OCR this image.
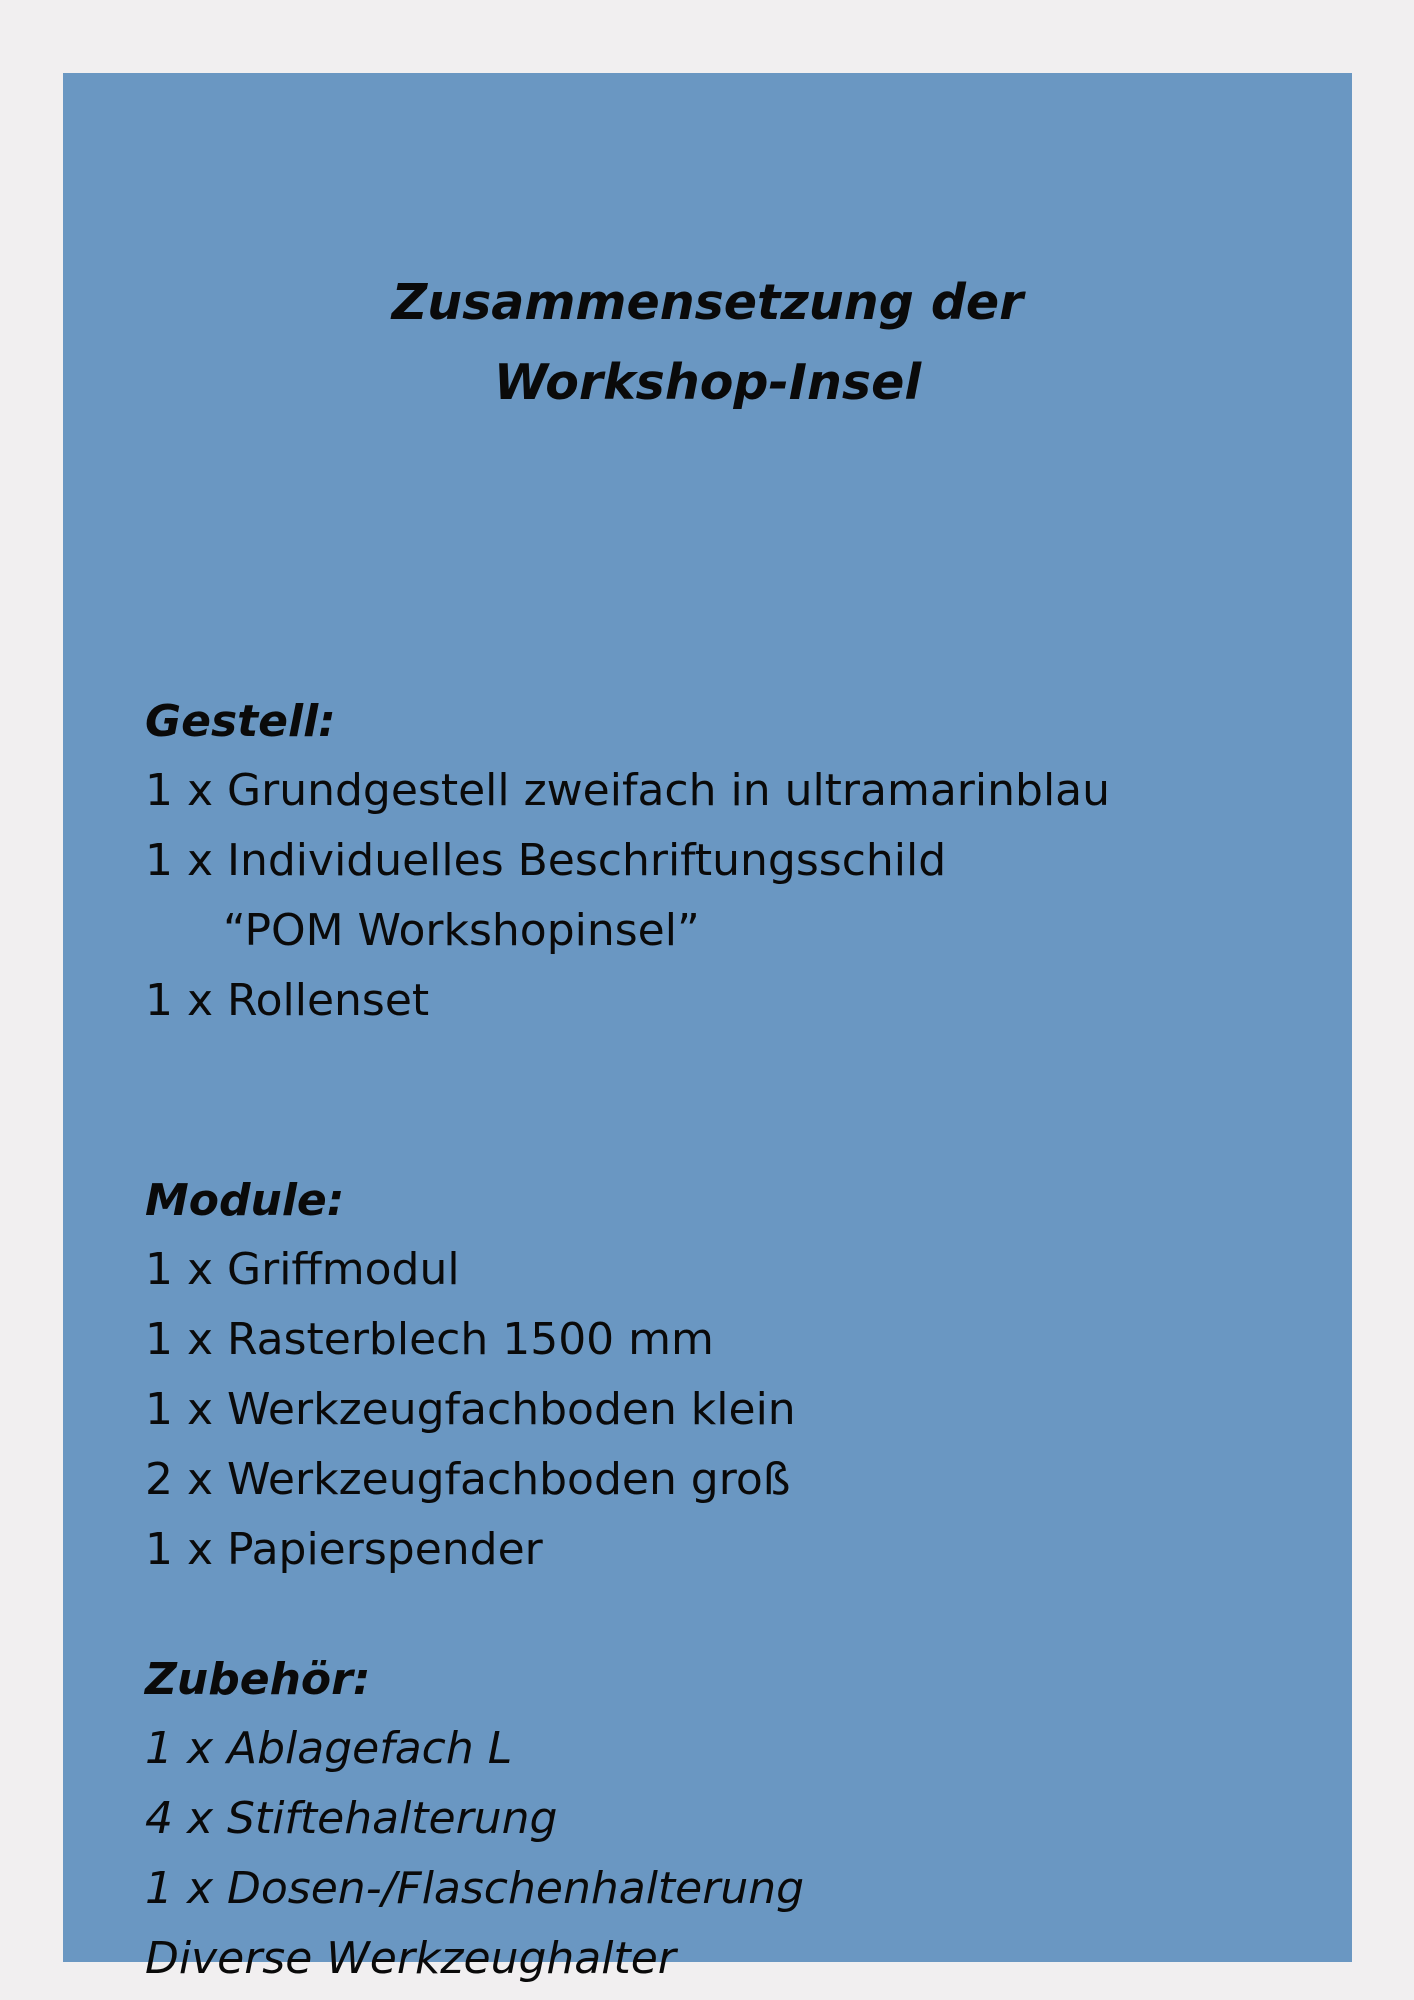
Zusammensetzung der
Workshop-Insel
Gestell:
1 x Grundgestell zweifach in ultramarinblau
1 x Individuelles Beschriftungsschild
“POM Workshopinsel”
1 x Rollenset
Module:
1 x Griffmodul
1 x Rasterblech 1500 mm
1 x Werkzeugfachboden klein
2 x Werkzeugfachboden groß
1 x Papierspender
Zubehör:
1 x Ablagefach L
4 x Stiftehalterung
1 x Dosen-/Flaschenhalterung
Diverse Werkzeughalter
